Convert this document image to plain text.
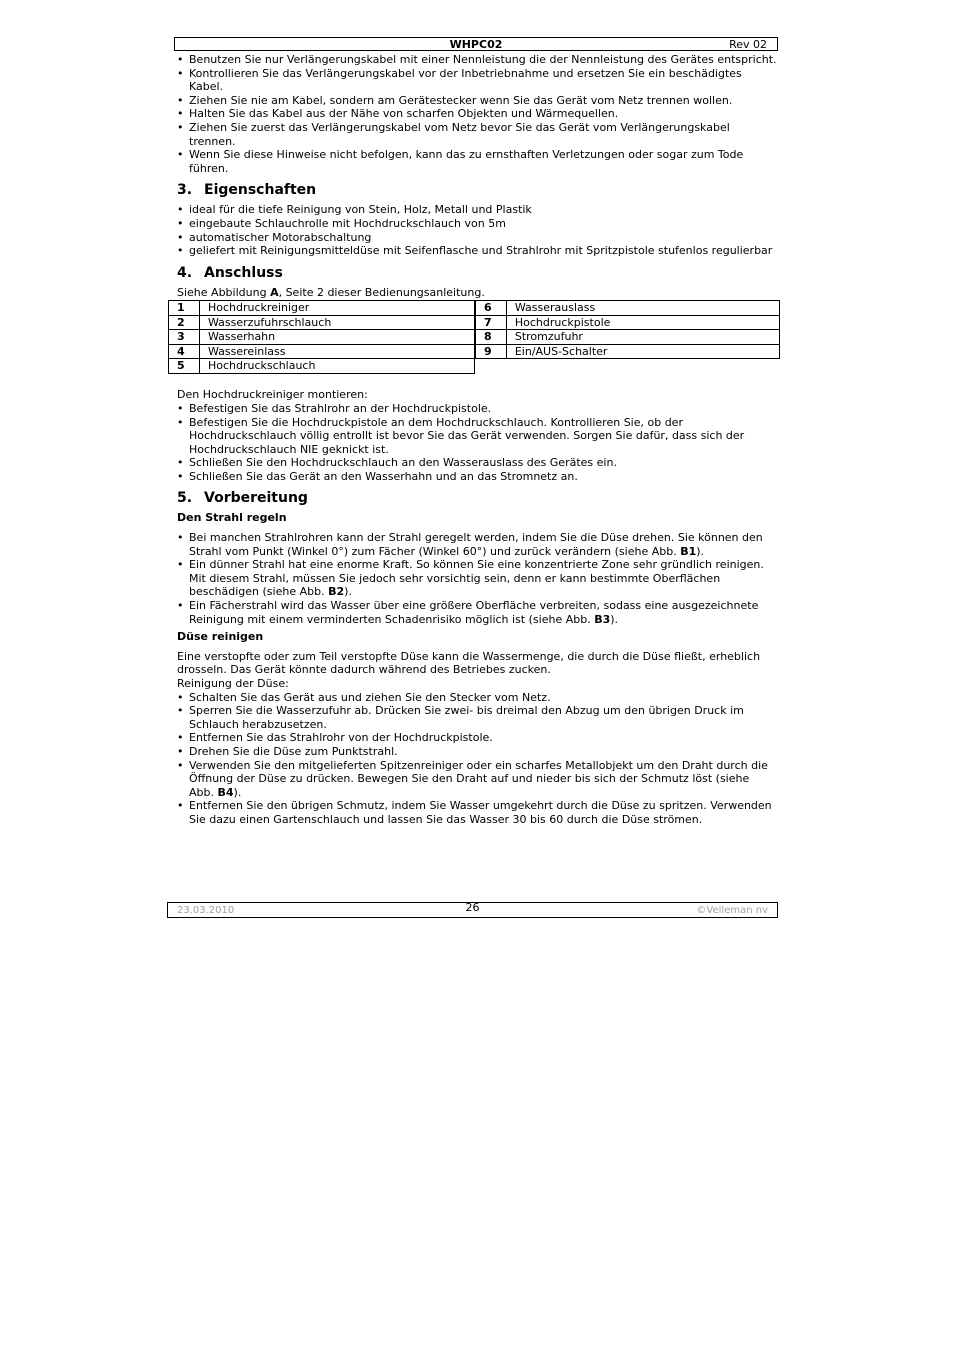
WHPC02	Rev 02
• Benutzen Sie nur Verlängerungskabel mit einer Nennleistung die der Nennleistung des Gerätes entspricht.
• Kontrollieren Sie das Verlängerungskabel vor der Inbetriebnahme und ersetzen Sie ein beschädigtes Kabel.
• Ziehen Sie nie am Kabel, sondern am Gerätestecker wenn Sie das Gerät vom Netz trennen wollen.
• Halten Sie das Kabel aus der Nähe von scharfen Objekten und Wärmequellen.
• Ziehen Sie zuerst das Verlängerungskabel vom Netz bevor Sie das Gerät vom Verlängerungskabel trennen.
• Wenn Sie diese Hinweise nicht befolgen, kann das zu ernsthaften Verletzungen oder sogar zum Tode führen.
3. Eigenschaften
• ideal für die tiefe Reinigung von Stein, Holz, Metall und Plastik
• eingebaute Schlauchrolle mit Hochdruckschlauch von 5m
• automatischer Motorabschaltung
• geliefert mit Reinigungsmitteldüse mit Seifenflasche und Strahlrohr mit Spritzpistole stufenlos regulierbar
4. Anschluss

Siehe Abbildung A, Seite 2 dieser Bedienungsanleitung.

1	Hochdruckreiniger
2	Wasserzufuhrschlauch
3	Wasserhahn
4	Wassereinlass
5	Hochdruckschlauch
6	Wasserauslass
7	Hochdruckpistole
8	Stromzufuhr
9	Ein/AUS-Schalter

Den Hochdruckreiniger montieren:

• Befestigen Sie das Strahlrohr an der Hochdruckpistole.
• Befestigen Sie die Hochdruckpistole an dem Hochdruckschlauch. Kontrollieren Sie, ob der Hochdruckschlauch völlig entrollt ist bevor Sie das Gerät verwenden. Sorgen Sie dafür, dass sich der Hochdruckschlauch NIE geknickt ist.
• Schließen Sie den Hochdruckschlauch an den Wasserauslass des Gerätes ein.
• Schließen Sie das Gerät an den Wasserhahn und an das Stromnetz an.
5. Vorbereitung
Den Strahl regeln
• Bei manchen Strahlrohren kann der Strahl geregelt werden, indem Sie die Düse drehen. Sie können den Strahl vom Punkt (Winkel 0°) zum Fächer (Winkel 60°) und zurück verändern (siehe Abb. B1).
• Ein dünner Strahl hat eine enorme Kraft. So können Sie eine konzentrierte Zone sehr gründlich reinigen. Mit diesem Strahl, müssen Sie jedoch sehr vorsichtig sein, denn er kann bestimmte Oberflächen beschädigen (siehe Abb. B2).
• Ein Fächerstrahl wird das Wasser über eine größere Oberfläche verbreiten, sodass eine ausgezeichnete Reinigung mit einem verminderten Schadenrisiko möglich ist (siehe Abb. B3).
Düse reinigen

Eine verstopfte oder zum Teil verstopfte Düse kann die Wassermenge, die durch die Düse fließt, erheblich drosseln. Das Gerät könnte dadurch während des Betriebes zucken.

Reinigung der Düse:

• Schalten Sie das Gerät aus und ziehen Sie den Stecker vom Netz.
• Sperren Sie die Wasserzufuhr ab. Drücken Sie zwei- bis dreimal den Abzug um den übrigen Druck im Schlauch herabzusetzen.
• Entfernen Sie das Strahlrohr von der Hochdruckpistole.
• Drehen Sie die Düse zum Punktstrahl.
• Verwenden Sie den mitgelieferten Spitzenreiniger oder ein scharfes Metallobjekt um den Draht durch die Öffnung der Düse zu drücken. Bewegen Sie den Draht auf und nieder bis sich der Schmutz löst (siehe Abb. B4).
• Entfernen Sie den übrigen Schmutz, indem Sie Wasser umgekehrt durch die Düse zu spritzen. Verwenden Sie dazu einen Gartenschlauch und lassen Sie das Wasser 30 bis 60 durch die Düse strömen.
23.03.2010	26	©Velleman nv
